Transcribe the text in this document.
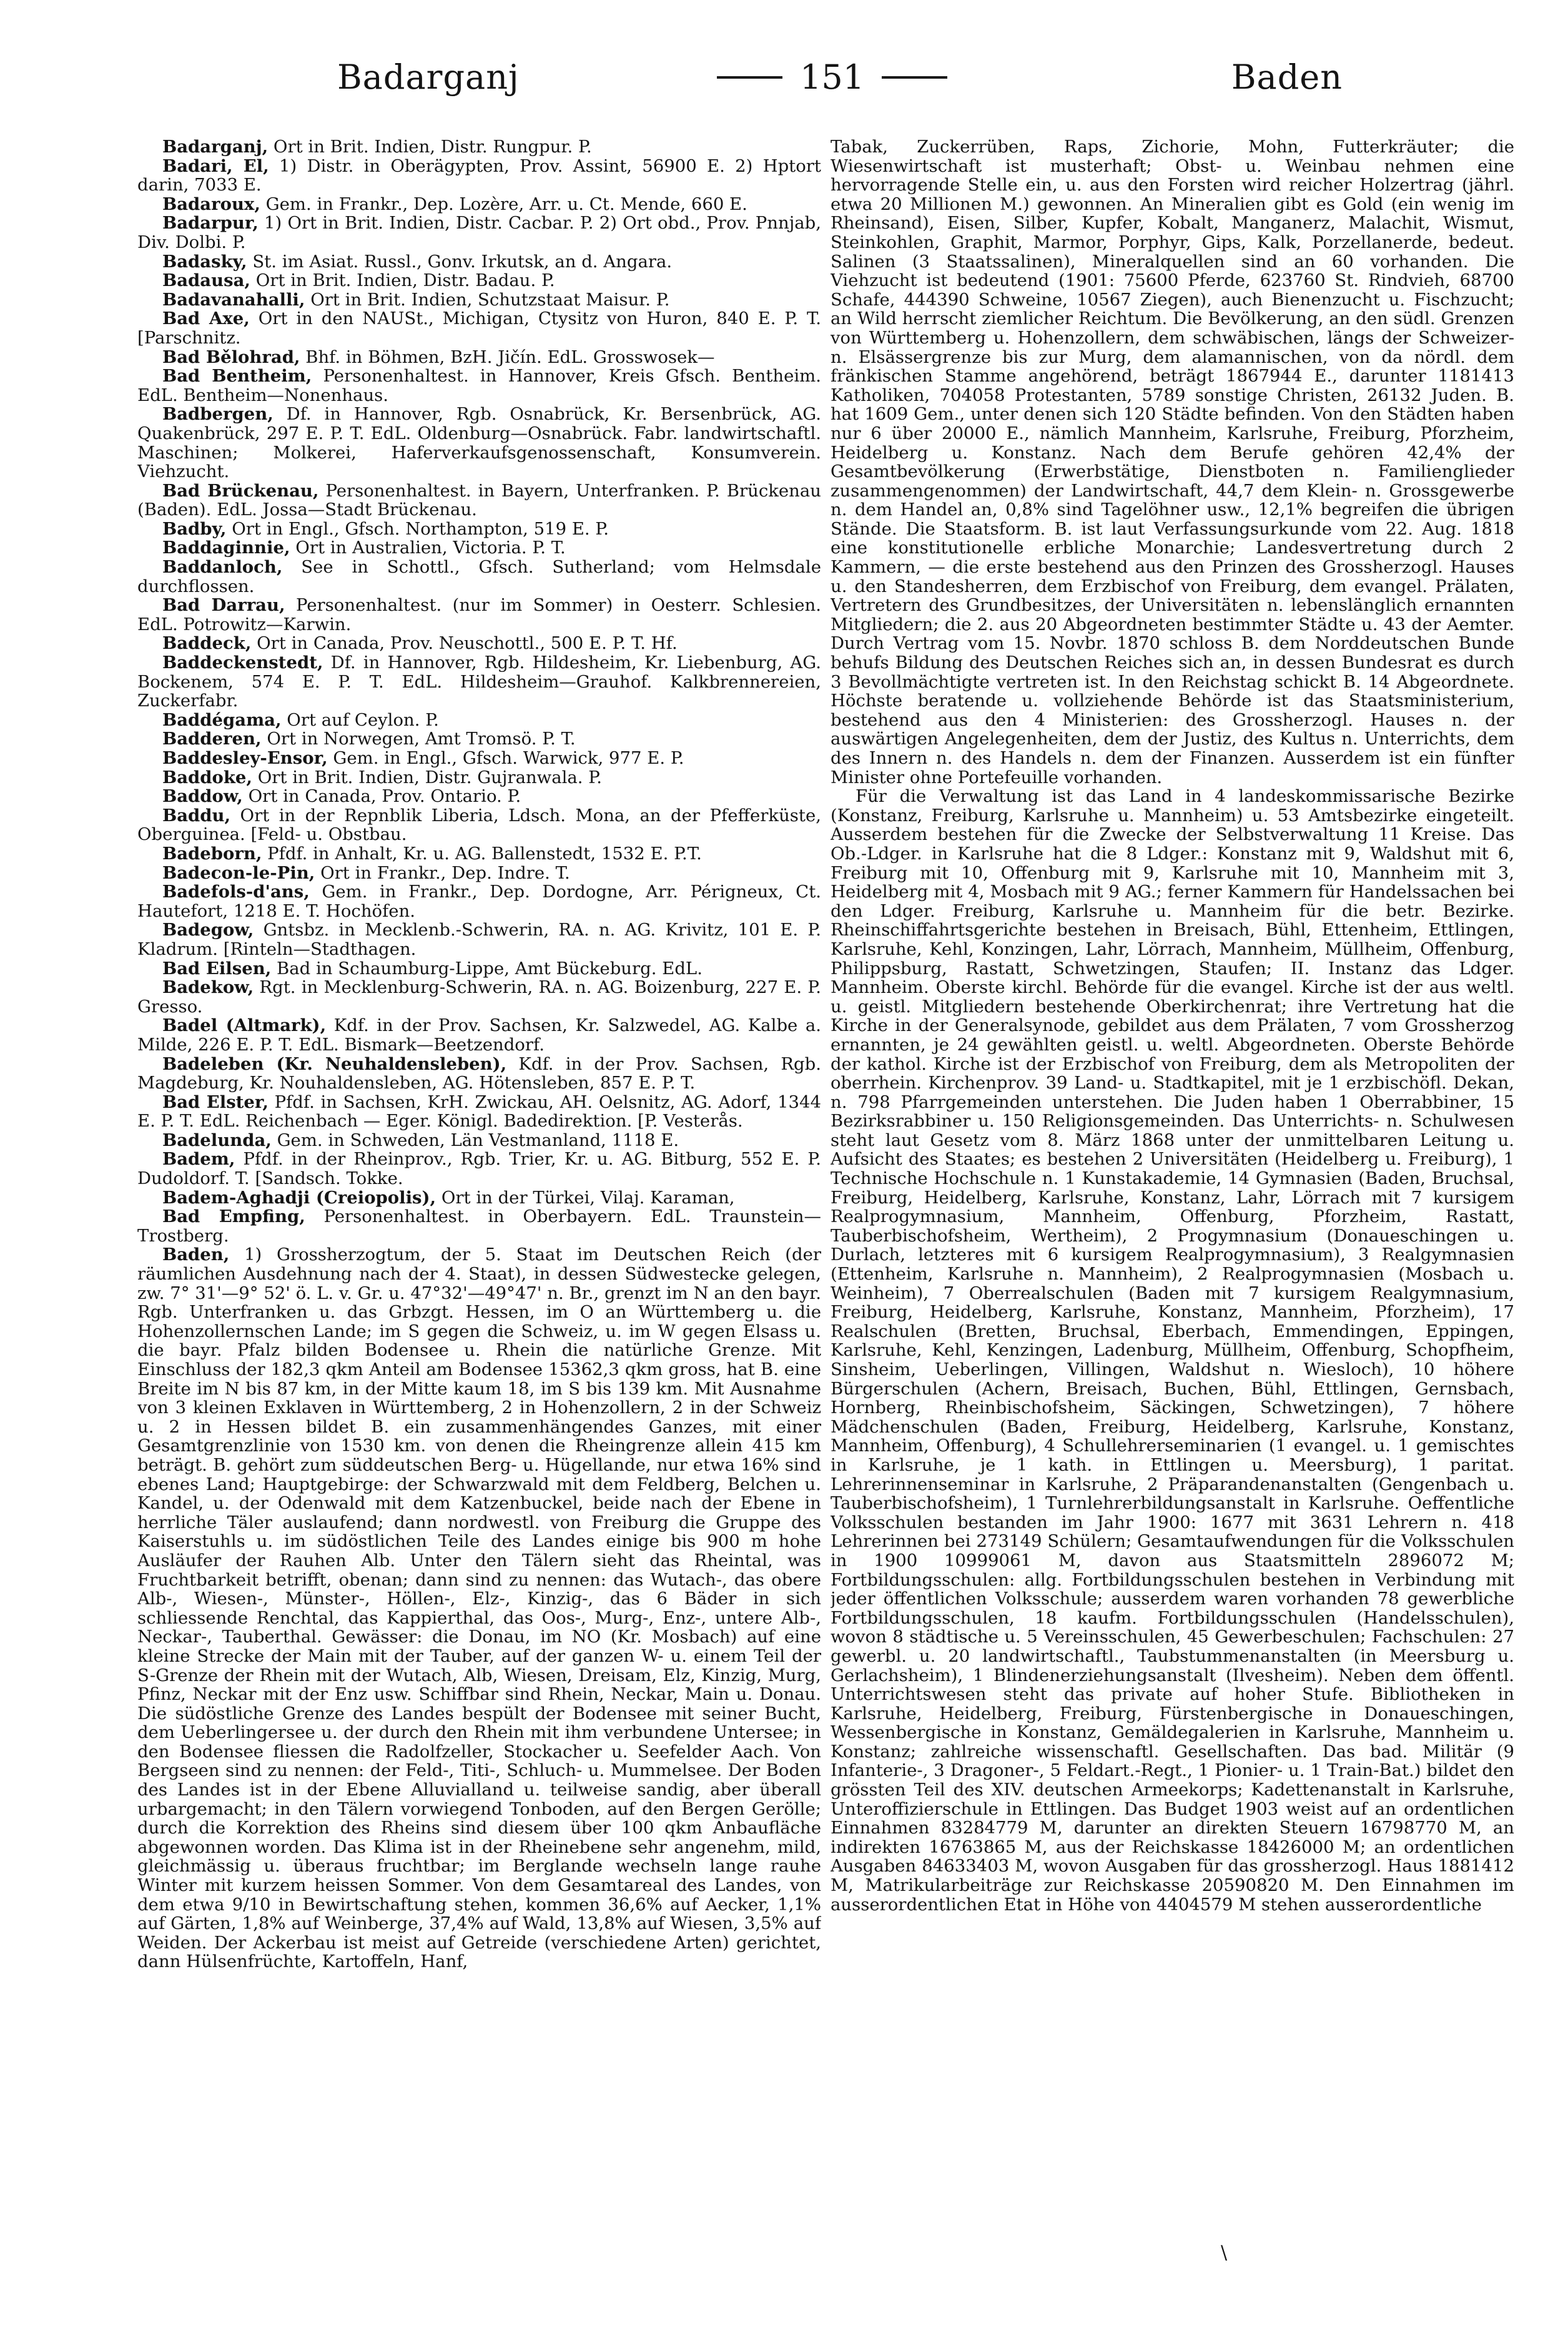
Badarganj	151	Baden

Badarganj, Ort in Brit. Indien, Distr. Rungpur. P.

Badari, El, 1) Distr. in Oberägypten, Prov. Assint, 56900 E. 2) Hptort darin, 7033 E.

Badaroux, Gem. in Frankr., Dep. Lozère, Arr. u. Ct. Mende, 660 E.

Badarpur, 1) Ort in Brit. Indien, Distr. Cacbar. P. 2) Ort obd., Prov. Pnnjab, Div. Dolbi. P.

Badasky, St. im Asiat. Russl., Gonv. Irkutsk, an d. Angara.

Badausa, Ort in Brit. Indien, Distr. Badau. P.

Badavanahalli, Ort in Brit. Indien, Schutzstaat Maisur. P.

Bad Axe, Ort in den NAUSt., Michigan, Ctysitz von Huron, 840 E. P. T. [Parschnitz.

Bad Bělohrad, Bhf. in Böhmen, BzH. Jičín. EdL. Grosswosek—

Bad Bentheim, Personenhaltest. in Hannover, Kreis Gfsch. Bentheim. EdL. Bentheim—Nonenhaus.

Badbergen, Df. in Hannover, Rgb. Osnabrück, Kr. Bersenbrück, AG. Quakenbrück, 297 E. P. T. EdL. Oldenburg—Osnabrück. Fabr. landwirtschaftl. Maschinen; Molkerei, Haferverkaufsgenossenschaft, Konsumverein. Viehzucht.

Bad Brückenau, Personenhaltest. in Bayern, Unterfranken. P. Brückenau (Baden). EdL. Jossa—Stadt Brückenau.

Badby, Ort in Engl., Gfsch. Northampton, 519 E. P.

Baddaginnie, Ort in Australien, Victoria. P. T.

Baddanloch, See in Schottl., Gfsch. Sutherland; vom Helmsdale durchflossen.

Bad Darrau, Personenhaltest. (nur im Sommer) in Oesterr. Schlesien. EdL. Potrowitz—Karwin.

Baddeck, Ort in Canada, Prov. Neuschottl., 500 E. P. T. Hf.

Baddeckenstedt, Df. in Hannover, Rgb. Hildesheim, Kr. Liebenburg, AG. Bockenem, 574 E. P. T. EdL. Hildesheim—Grauhof. Kalkbrennereien, Zuckerfabr.

Baddégama, Ort auf Ceylon. P.

Badderen, Ort in Norwegen, Amt Tromsö. P. T.

Baddesley-Ensor, Gem. in Engl., Gfsch. Warwick, 977 E. P.

Baddoke, Ort in Brit. Indien, Distr. Gujranwala. P.

Baddow, Ort in Canada, Prov. Ontario. P.

Baddu, Ort in der Repnblik Liberia, Ldsch. Mona, an der Pfefferküste, Oberguinea. [Feld- u. Obstbau.

Badeborn, Pfdf. in Anhalt, Kr. u. AG. Ballenstedt, 1532 E. P.T.

Badecon-le-Pin, Ort in Frankr., Dep. Indre. T.

Badefols-d'ans, Gem. in Frankr., Dep. Dordogne, Arr. Périgneux, Ct. Hautefort, 1218 E. T. Hochöfen.

Badegow, Gntsbz. in Mecklenb.-Schwerin, RA. n. AG. Krivitz, 101 E. P. Kladrum. [Rinteln—Stadthagen.

Bad Eilsen, Bad in Schaumburg-Lippe, Amt Bückeburg. EdL.

Badekow, Rgt. in Mecklenburg-Schwerin, RA. n. AG. Boizenburg, 227 E. P. Gresso.

Badel (Altmark), Kdf. in der Prov. Sachsen, Kr. Salzwedel, AG. Kalbe a. Milde, 226 E. P. T. EdL. Bismark—Beetzendorf.

Badeleben (Kr. Neuhaldensleben), Kdf. in der Prov. Sachsen, Rgb. Magdeburg, Kr. Nouhaldensleben, AG. Hötensleben, 857 E. P. T.

Bad Elster, Pfdf. in Sachsen, KrH. Zwickau, AH. Oelsnitz, AG. Adorf, 1344 E. P. T. EdL. Reichenbach — Eger. Königl. Badedirektion. [P. Vesterås.

Badelunda, Gem. in Schweden, Län Vestmanland, 1118 E.

Badem, Pfdf. in der Rheinprov., Rgb. Trier, Kr. u. AG. Bitburg, 552 E. P. Dudoldorf. T. [Sandsch. Tokke.

Badem-Aghadji (Creiopolis), Ort in der Türkei, Vilaj. Karaman,

Bad Empfing, Personenhaltest. in Oberbayern. EdL. Traunstein—Trostberg.

Baden, 1) Grossherzogtum, der 5. Staat im Deutschen Reich (der räumlichen Ausdehnung nach der 4. Staat), in dessen Südwestecke gelegen, zw. 7° 31'—9° 52' ö. L. v. Gr. u. 47°32'—49°47' n. Br., grenzt im N an den bayr. Rgb. Unterfranken u. das Grbzgt. Hessen, im O an Württemberg u. die Hohenzollernschen Lande; im S gegen die Schweiz, u. im W gegen Elsass u. die bayr. Pfalz bilden Bodensee u. Rhein die natürliche Grenze. Mit Einschluss der 182,3 qkm Anteil am Bodensee 15362,3 qkm gross, hat B. eine Breite im N bis 87 km, in der Mitte kaum 18, im S bis 139 km. Mit Ausnahme von 3 kleinen Exklaven in Württemberg, 2 in Hohenzollern, 2 in der Schweiz u. 2 in Hessen bildet B. ein zusammenhängendes Ganzes, mit einer Gesamtgrenzlinie von 1530 km. von denen die Rheingrenze allein 415 km beträgt. B. gehört zum süddeutschen Berg- u. Hügellande, nur etwa 16% sind ebenes Land; Hauptgebirge: der Schwarzwald mit dem Feldberg, Belchen u. Kandel, u. der Odenwald mit dem Katzenbuckel, beide nach der Ebene in herrliche Täler auslaufend; dann nordwestl. von Freiburg die Gruppe des Kaiserstuhls u. im südöstlichen Teile des Landes einige bis 900 m hohe Ausläufer der Rauhen Alb. Unter den Tälern sieht das Rheintal, was Fruchtbarkeit betrifft, obenan; dann sind zu nennen: das Wutach-, das obere Alb-, Wiesen-, Münster-, Höllen-, Elz-, Kinzig-, das 6 Bäder in sich schliessende Renchtal, das Kappierthal, das Oos-, Murg-, Enz-, untere Alb-, Neckar-, Tauberthal. Gewässer: die Donau, im NO (Kr. Mosbach) auf eine kleine Strecke der Main mit der Tauber, auf der ganzen W- u. einem Teil der S-Grenze der Rhein mit der Wutach, Alb, Wiesen, Dreisam, Elz, Kinzig, Murg, Pfinz, Neckar mit der Enz usw. Schiffbar sind Rhein, Neckar, Main u. Donau. Die südöstliche Grenze des Landes bespült der Bodensee mit seiner Bucht, dem Ueberlingersee u. der durch den Rhein mit ihm verbundene Untersee; in den Bodensee fliessen die Radolfzeller, Stockacher u. Seefelder Aach. Von Bergseen sind zu nennen: der Feld-, Titi-, Schluch- u. Mummelsee. Der Boden des Landes ist in der Ebene Alluvialland u. teilweise sandig, aber überall urbargemacht; in den Tälern vorwiegend Tonboden, auf den Bergen Gerölle; durch die Korrektion des Rheins sind diesem über 100 qkm Anbaufläche abgewonnen worden. Das Klima ist in der Rheinebene sehr angenehm, mild, gleichmässig u. überaus fruchtbar; im Berglande wechseln lange rauhe Winter mit kurzem heissen Sommer. Von dem Gesamtareal des Landes, von dem etwa 9/10 in Bewirtschaftung stehen, kommen 36,6% auf Aecker, 1,1% auf Gärten, 1,8% auf Weinberge, 37,4% auf Wald, 13,8% auf Wiesen, 3,5% auf Weiden. Der Ackerbau ist meist auf Getreide (verschiedene Arten) gerichtet, dann Hülsenfrüchte, Kartoffeln, Hanf,

Tabak, Zuckerrüben, Raps, Zichorie, Mohn, Futterkräuter; die Wiesenwirtschaft ist musterhaft; Obst- u. Weinbau nehmen eine hervorragende Stelle ein, u. aus den Forsten wird reicher Holzertrag (jährl. etwa 20 Millionen M.) gewonnen. An Mineralien gibt es Gold (ein wenig im Rheinsand), Eisen, Silber, Kupfer, Kobalt, Manganerz, Malachit, Wismut, Steinkohlen, Graphit, Marmor, Porphyr, Gips, Kalk, Porzellanerde, bedeut. Salinen (3 Staatssalinen), Mineralquellen sind an 60 vorhanden. Die Viehzucht ist bedeutend (1901: 75600 Pferde, 623760 St. Rindvieh, 68700 Schafe, 444390 Schweine, 10567 Ziegen), auch Bienenzucht u. Fischzucht; an Wild herrscht ziemlicher Reichtum. Die Bevölkerung, an den südl. Grenzen von Württemberg u. Hohenzollern, dem schwäbischen, längs der Schweizer- n. Elsässergrenze bis zur Murg, dem alamannischen, von da nördl. dem fränkischen Stamme angehörend, beträgt 1867944 E., darunter 1181413 Katholiken, 704058 Protestanten, 5789 sonstige Christen, 26132 Juden. B. hat 1609 Gem., unter denen sich 120 Städte befinden. Von den Städten haben nur 6 über 20000 E., nämlich Mannheim, Karlsruhe, Freiburg, Pforzheim, Heidelberg u. Konstanz. Nach dem Berufe gehören 42,4% der Gesamtbevölkerung (Erwerbstätige, Dienstboten n. Familienglieder zusammengenommen) der Landwirtschaft, 44,7 dem Klein- n. Grossgewerbe n. dem Handel an, 0,8% sind Tagelöhner usw., 12,1% begreifen die übrigen Stände. Die Staatsform. B. ist laut Verfassungsurkunde vom 22. Aug. 1818 eine konstitutionelle erbliche Monarchie; Landesvertretung durch 2 Kammern, — die erste bestehend aus den Prinzen des Grossherzogl. Hauses u. den Standesherren, dem Erzbischof von Freiburg, dem evangel. Prälaten, Vertretern des Grundbesitzes, der Universitäten n. lebenslänglich ernannten Mitgliedern; die 2. aus 20 Abgeordneten bestimmter Städte u. 43 der Aemter. Durch Vertrag vom 15. Novbr. 1870 schloss B. dem Norddeutschen Bunde behufs Bildung des Deutschen Reiches sich an, in dessen Bundesrat es durch 3 Bevollmächtigte vertreten ist. In den Reichstag schickt B. 14 Abgeordnete. Höchste beratende u. vollziehende Behörde ist das Staatsministerium, bestehend aus den 4 Ministerien: des Grossherzogl. Hauses n. der auswärtigen Angelegenheiten, dem der Justiz, des Kultus n. Unterrichts, dem des Innern n. des Handels n. dem der Finanzen. Ausserdem ist ein fünfter Minister ohne Portefeuille vorhanden.

Für die Verwaltung ist das Land in 4 landeskommissarische Bezirke (Konstanz, Freiburg, Karlsruhe u. Mannheim) u. 53 Amtsbezirke eingeteilt. Ausserdem bestehen für die Zwecke der Selbstverwaltung 11 Kreise. Das Ob.-Ldger. in Karlsruhe hat die 8 Ldger.: Konstanz mit 9, Waldshut mit 6, Freiburg mit 10, Offenburg mit 9, Karlsruhe mit 10, Mannheim mit 3, Heidelberg mit 4, Mosbach mit 9 AG.; ferner Kammern für Handelssachen bei den Ldger. Freiburg, Karlsruhe u. Mannheim für die betr. Bezirke. Rheinschiffahrtsgerichte bestehen in Breisach, Bühl, Ettenheim, Ettlingen, Karlsruhe, Kehl, Konzingen, Lahr, Lörrach, Mannheim, Müllheim, Offenburg, Philippsburg, Rastatt, Schwetzingen, Staufen; II. Instanz das Ldger. Mannheim. Oberste kirchl. Behörde für die evangel. Kirche ist der aus weltl. u. geistl. Mitgliedern bestehende Oberkirchenrat; ihre Vertretung hat die Kirche in der Generalsynode, gebildet aus dem Prälaten, 7 vom Grossherzog ernannten, je 24 gewählten geistl. u. weltl. Abgeordneten. Oberste Behörde der kathol. Kirche ist der Erzbischof von Freiburg, dem als Metropoliten der oberrhein. Kirchenprov. 39 Land- u. Stadtkapitel, mit je 1 erzbischöfl. Dekan, n. 798 Pfarrgemeinden unterstehen. Die Juden haben 1 Oberrabbiner, 15 Bezirksrabbiner u. 150 Religionsgemeinden. Das Unterrichts- n. Schulwesen steht laut Gesetz vom 8. März 1868 unter der unmittelbaren Leitung u. Aufsicht des Staates; es bestehen 2 Universitäten (Heidelberg u. Freiburg), 1 Technische Hochschule n. 1 Kunstakademie, 14 Gymnasien (Baden, Bruchsal, Freiburg, Heidelberg, Karlsruhe, Konstanz, Lahr, Lörrach mit 7 kursigem Realprogymnasium, Mannheim, Offenburg, Pforzheim, Rastatt, Tauberbischofsheim, Wertheim), 2 Progymnasium (Donaueschingen u. Durlach, letzteres mit 6 kursigem Realprogymnasium), 3 Realgymnasien (Ettenheim, Karlsruhe n. Mannheim), 2 Realprogymnasien (Mosbach u. Weinheim), 7 Oberrealschulen (Baden mit 7 kursigem Realgymnasium, Freiburg, Heidelberg, Karlsruhe, Konstanz, Mannheim, Pforzheim), 17 Realschulen (Bretten, Bruchsal, Eberbach, Emmendingen, Eppingen, Karlsruhe, Kehl, Kenzingen, Ladenburg, Müllheim, Offenburg, Schopfheim, Sinsheim, Ueberlingen, Villingen, Waldshut n. Wiesloch), 10 höhere Bürgerschulen (Achern, Breisach, Buchen, Bühl, Ettlingen, Gernsbach, Hornberg, Rheinbischofsheim, Säckingen, Schwetzingen), 7 höhere Mädchenschulen (Baden, Freiburg, Heidelberg, Karlsruhe, Konstanz, Mannheim, Offenburg), 4 Schullehrerseminarien (1 evangel. u. 1 gemischtes in Karlsruhe, je 1 kath. in Ettlingen u. Meersburg), 1 paritat. Lehrerinnenseminar in Karlsruhe, 2 Präparandenanstalten (Gengenbach u. Tauberbischofsheim), 1 Turnlehrerbildungsanstalt in Karlsruhe. Oeffentliche Volksschulen bestanden im Jahr 1900: 1677 mit 3631 Lehrern n. 418 Lehrerinnen bei 273149 Schülern; Gesamtaufwendungen für die Volksschulen in 1900 10999061 M, davon aus Staatsmitteln 2896072 M; Fortbildungsschulen: allg. Fortbildungsschulen bestehen in Verbindung mit jeder öffentlichen Volksschule; ausserdem waren vorhanden 78 gewerbliche Fortbildungsschulen, 18 kaufm. Fortbildungsschulen (Handelsschulen), wovon 8 städtische u. 5 Vereinsschulen, 45 Gewerbeschulen; Fachschulen: 27 gewerbl. u. 20 landwirtschaftl., Taubstummenanstalten (in Meersburg u. Gerlachsheim), 1 Blindenerziehungsanstalt (Ilvesheim). Neben dem öffentl. Unterrichtswesen steht das private auf hoher Stufe. Bibliotheken in Karlsruhe, Heidelberg, Freiburg, Fürstenbergische in Donaueschingen, Wessenbergische in Konstanz, Gemäldegalerien in Karlsruhe, Mannheim u. Konstanz; zahlreiche wissenschaftl. Gesellschaften. Das bad. Militär (9 Infanterie-, 3 Dragoner-, 5 Feldart.-Regt., 1 Pionier- u. 1 Train-Bat.) bildet den grössten Teil des XIV. deutschen Armeekorps; Kadettenanstalt in Karlsruhe, Unteroffizierschule in Ettlingen. Das Budget 1903 weist auf an ordentlichen Einnahmen 83284779 M, darunter an direkten Steuern 16798770 M, an indirekten 16763865 M, aus der Reichskasse 18426000 M; an ordentlichen Ausgaben 84633403 M, wovon Ausgaben für das grossherzogl. Haus 1881412 M, Matrikularbeiträge zur Reichskasse 20590820 M. Den Einnahmen im ausserordentlichen Etat in Höhe von 4404579 M stehen ausserordentliche

\
